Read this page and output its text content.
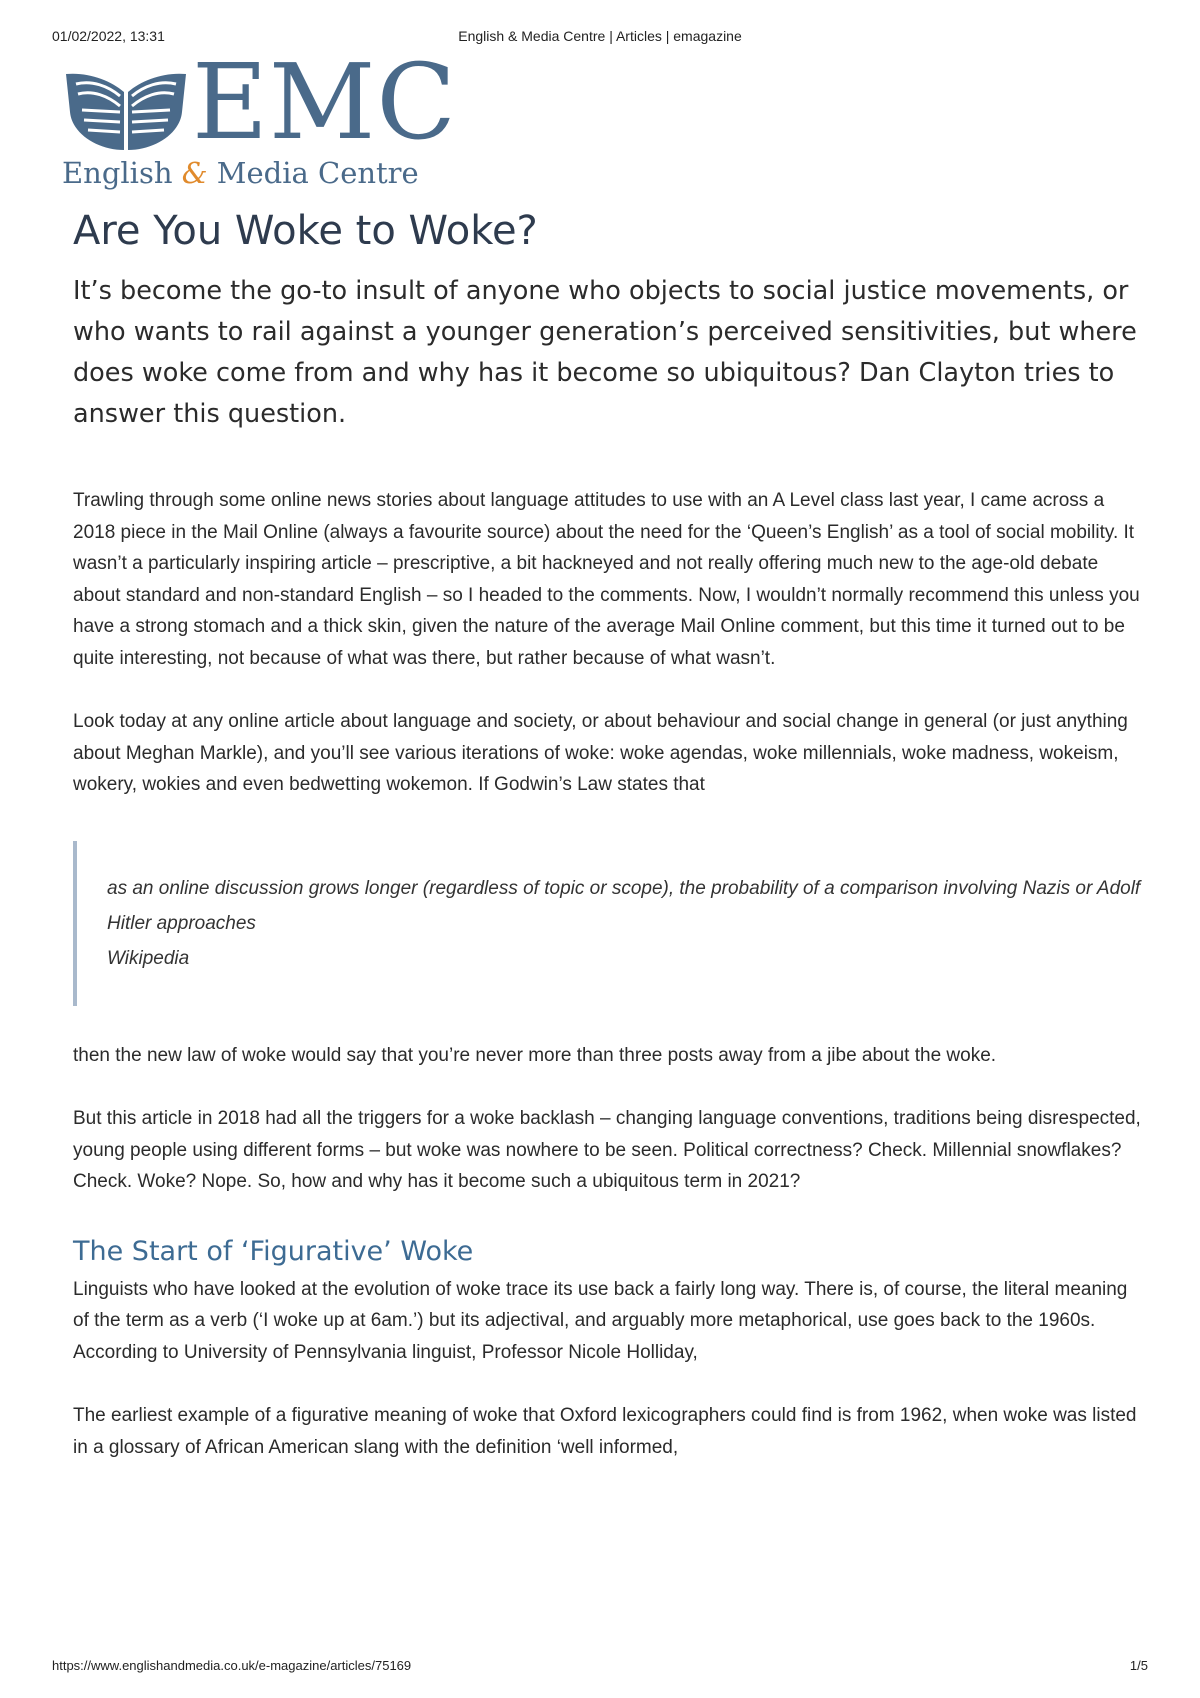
01/02/2022, 13:31	English & Media Centre | Articles | emagazine
EMC
English & Media Centre
Are You Woke to Woke?

It’s become the go-to insult of anyone who objects to social justice movements, or who wants to rail against a younger generation’s perceived sensitivities, but where does woke come from and why has it become so ubiquitous? Dan Clayton tries to answer this question.

Trawling through some online news stories about language attitudes to use with an A Level class last year, I came across a 2018 piece in the Mail Online (always a favourite source) about the need for the ‘Queen’s English’ as a tool of social mobility. It wasn’t a particularly inspiring article – prescriptive, a bit hackneyed and not really offering much new to the age-old debate about standard and non-standard English – so I headed to the comments. Now, I wouldn’t normally recommend this unless you have a strong stomach and a thick skin, given the nature of the average Mail Online comment, but this time it turned out to be quite interesting, not because of what was there, but rather because of what wasn’t.

Look today at any online article about language and society, or about behaviour and social change in general (or just anything about Meghan Markle), and you’ll see various iterations of woke: woke agendas, woke millennials, woke madness, wokeism, wokery, wokies and even bedwetting wokemon. If Godwin’s Law states that

as an online discussion grows longer (regardless of topic or scope), the probability of a comparison involving Nazis or Adolf Hitler approaches

Wikipedia

then the new law of woke would say that you’re never more than three posts away from a jibe about the woke.

But this article in 2018 had all the triggers for a woke backlash – changing language conventions, traditions being disrespected, young people using different forms – but woke was nowhere to be seen. Political correctness? Check. Millennial snowflakes? Check. Woke? Nope. So, how and why has it become such a ubiquitous term in 2021?

The Start of ‘Figurative’ Woke

Linguists who have looked at the evolution of woke trace its use back a fairly long way. There is, of course, the literal meaning of the term as a verb (‘I woke up at 6am.’) but its adjectival, and arguably more metaphorical, use goes back to the 1960s. According to University of Pennsylvania linguist, Professor Nicole Holliday,

The earliest example of a figurative meaning of woke that Oxford lexicographers could find is from 1962, when woke was listed in a glossary of African American slang with the definition ‘well informed,

https://www.englishandmedia.co.uk/e-magazine/articles/75169	1/5
